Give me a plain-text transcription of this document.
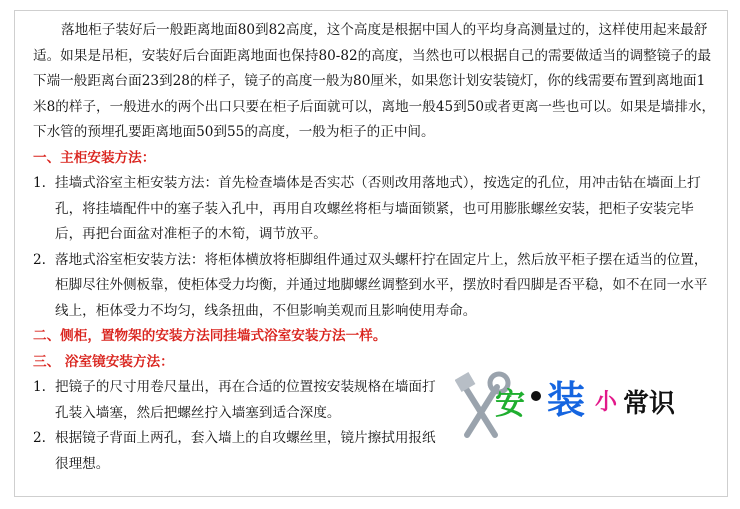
落地柜子装好后一般距离地面80到82高度，这个高度是根据中国人的平均身高测量过的，这样使用起来最舒适。如果是吊柜，安装好后台面距离地面也保持80-82的高度，当然也可以根据自己的需要做适当的调整镜子的最下端一般距离台面23到28的样子，镜子的高度一般为80厘米，如果您计划安装镜灯，你的线需要布置到离地面1米8的样子，一般进水的两个出口只要在柜子后面就可以，离地一般45到50或者更离一些也可以。如果是墙排水，下水管的预埋孔要距离地面50到55的高度，一般为柜子的正中间。

一、主柜安装方法：

1. 挂墙式浴室主柜安装方法：首先检查墙体是否实芯（否则改用落地式），按选定的孔位，用冲击钻在墙面上打孔，将挂墙配件中的塞子装入孔中，再用自攻螺丝将柜与墙面锁紧，也可用膨胀螺丝安装，把柜子安装完毕后，再把台面盆对准柜子的木筍，调节放平。

2. 落地式浴室柜安装方法：将柜体横放将柜脚组件通过双头螺杆拧在固定片上，然后放平柜子摆在适当的位置，柜脚尽往外侧板靠，使柜体受力均衡，并通过地脚螺丝调整到水平，摆放时看四脚是否平稳，如不在同一水平线上，柜体受力不均匀，线条扭曲，不但影响美观而且影响使用寿命。

二、侧柜，置物架的安装方法同挂墙式浴室安装方法一样。

三、 浴室镜安装方法：

1. 把镜子的尺寸用卷尺量出，再在合适的位置按安装规格在墙面打孔装入墙塞，然后把螺丝拧入墙塞到适合深度。

2. 根据镜子背面上两孔，套入墙上的自攻螺丝里，镜片擦拭用报纸很理想。

安 装 小 常识
